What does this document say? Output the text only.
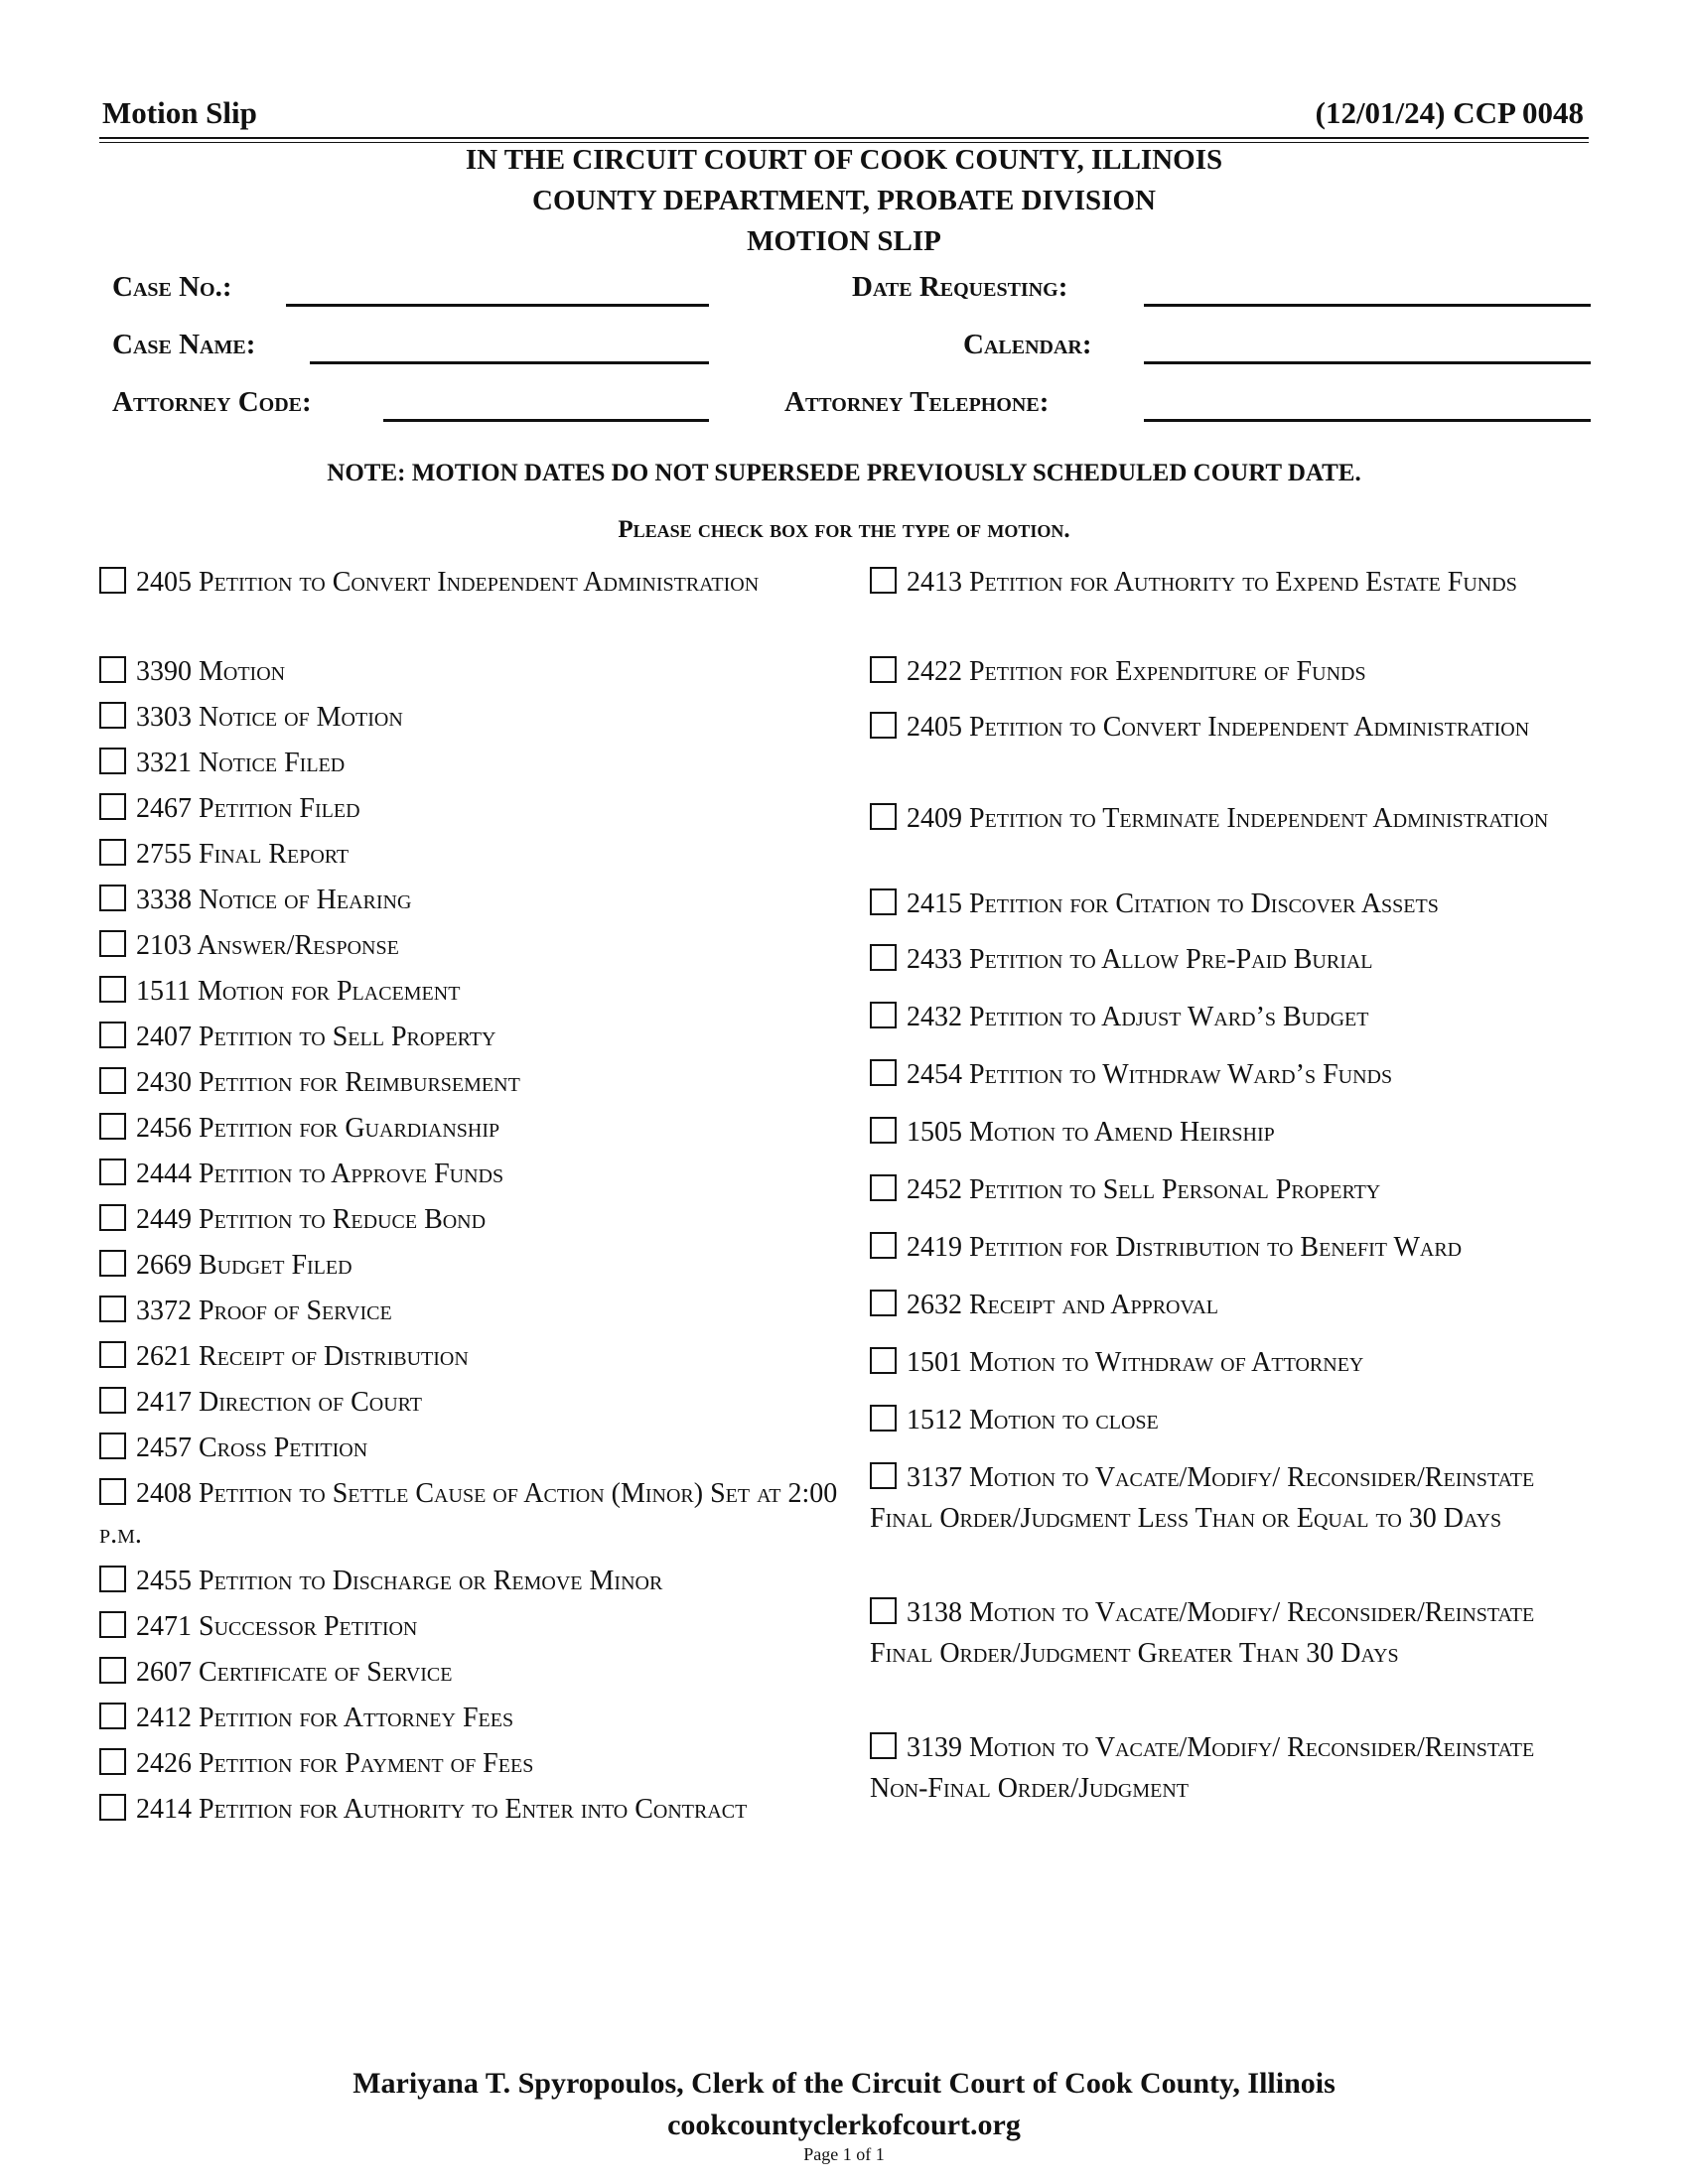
Motion Slip	(12/01/24) CCP 0048
IN THE CIRCUIT COURT OF COOK COUNTY, ILLINOIS
COUNTY DEPARTMENT, PROBATE DIVISION
MOTION SLIP
Case No.:
Case Name:
Attorney Code:
Date Requesting:
Calendar:
Attorney Telephone:
NOTE: MOTION DATES DO NOT SUPERSEDE PREVIOUSLY SCHEDULED COURT DATE.
Please check box for the type of motion.
2405 Petition to Convert Independent Administration
3390 Motion
3303 Notice of Motion
3321 Notice Filed
2467 Petition Filed
2755 Final Report
3338 Notice of Hearing
2103 Answer/Response
1511 Motion for Placement
2407 Petition to Sell Property
2430 Petition for Reimbursement
2456 Petition for Guardianship
2444 Petition to Approve Funds
2449 Petition to Reduce Bond
2669 Budget Filed
3372 Proof of Service
2621 Receipt of Distribution
2417 Direction of Court
2457 Cross Petition
2408 Petition to Settle Cause of Action (Minor) Set at 2:00 p.m.
2455 Petition to Discharge or Remove Minor
2471 Successor Petition
2607 Certificate of Service
2412 Petition for Attorney Fees
2426 Petition for Payment of Fees
2414 Petition for Authority to Enter into Contract
2413 Petition for Authority to Expend Estate Funds
2422 Petition for Expenditure of Funds
2405 Petition to Convert Independent Administration
2409 Petition to Terminate Independent Administration
2415 Petition for Citation to Discover Assets
2433 Petition to Allow Pre-Paid Burial
2432 Petition to Adjust Ward’s Budget
2454 Petition to Withdraw Ward’s Funds
1505 Motion to Amend Heirship
2452 Petition to Sell Personal Property
2419 Petition for Distribution to Benefit Ward
2632 Receipt and Approval
1501 Motion to Withdraw of Attorney
1512 Motion to close
3137 Motion to Vacate/Modify/ Reconsider/Reinstate Final Order/Judgment Less Than or Equal to 30 Days
3138 Motion to Vacate/Modify/ Reconsider/Reinstate Final Order/Judgment Greater Than 30 Days
3139 Motion to Vacate/Modify/ Reconsider/Reinstate Non-Final Order/Judgment
Mariyana T. Spyropoulos, Clerk of the Circuit Court of Cook County, Illinois
cookcountyclerkofcourt.org
Page 1 of 1
